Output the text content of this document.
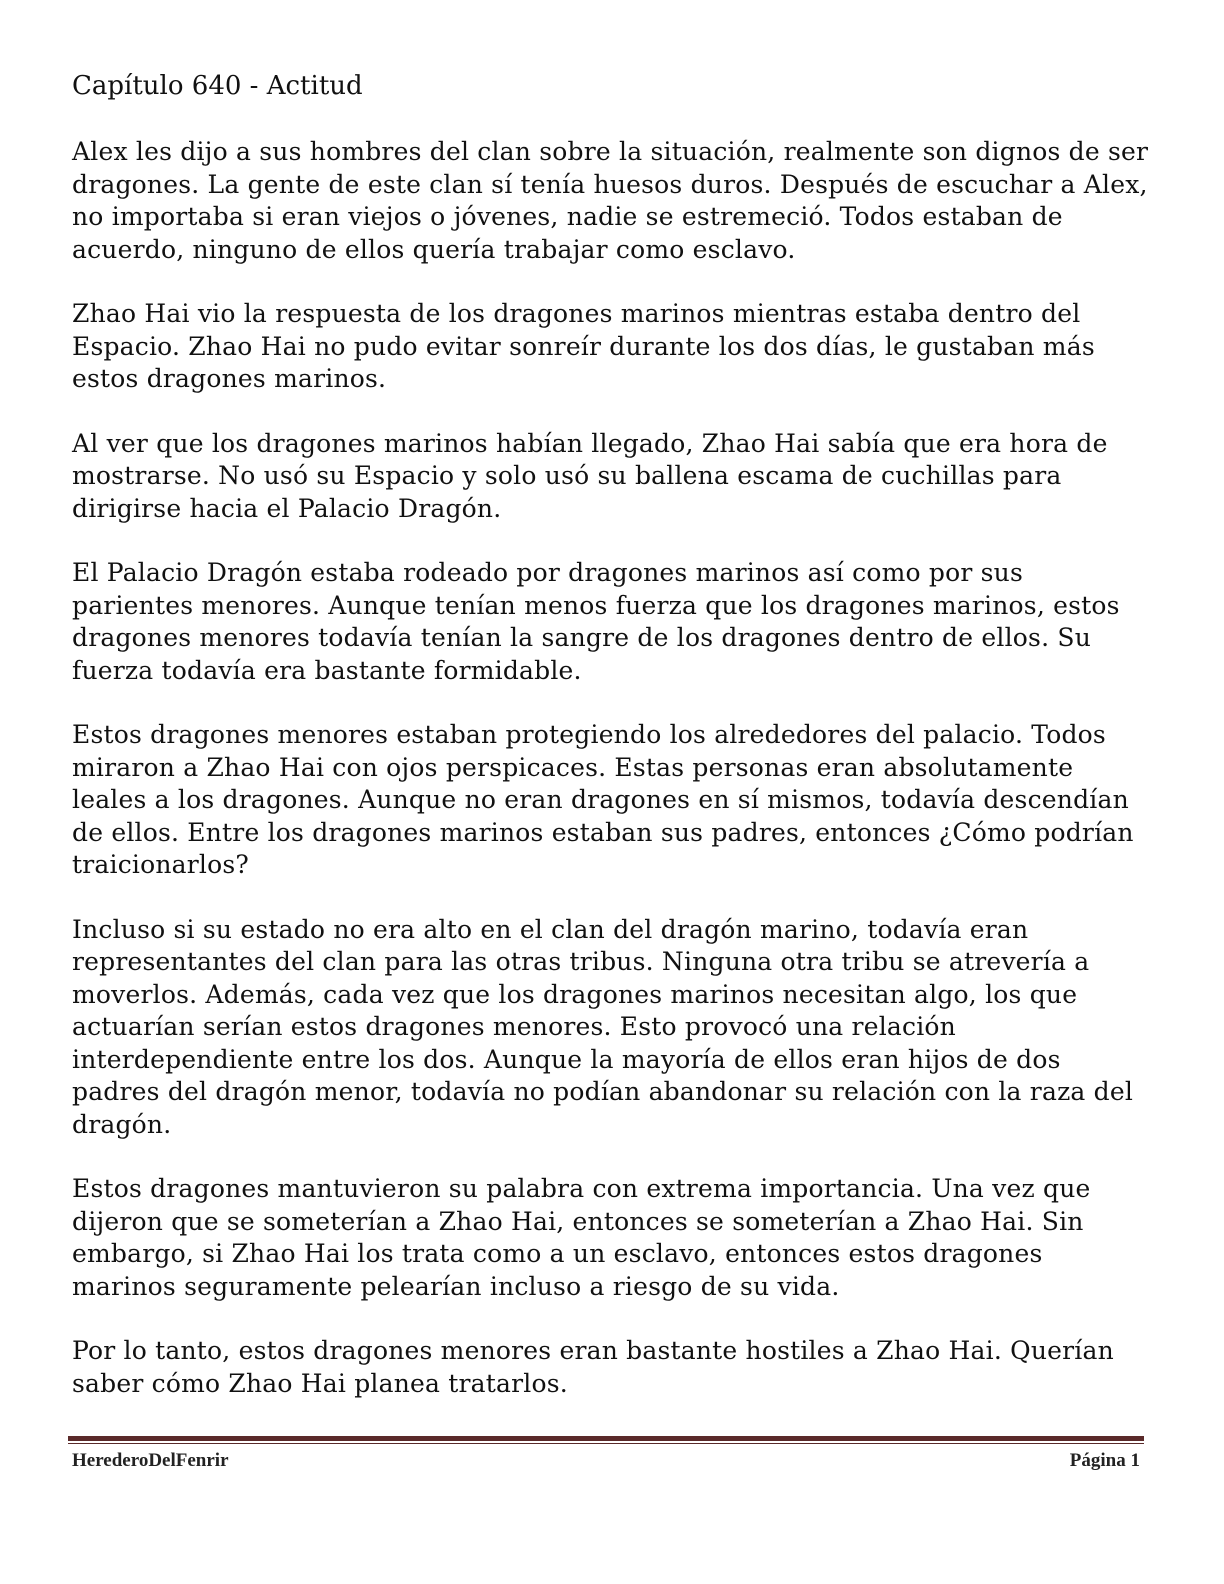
Capítulo 640 - Actitud

Alex les dijo a sus hombres del clan sobre la situación, realmente son dignos de ser dragones. La gente de este clan sí tenía huesos duros. Después de escuchar a Alex, no importaba si eran viejos o jóvenes, nadie se estremeció. Todos estaban de acuerdo, ninguno de ellos quería trabajar como esclavo.

Zhao Hai vio la respuesta de los dragones marinos mientras estaba dentro del Espacio. Zhao Hai no pudo evitar sonreír durante los dos días, le gustaban más estos dragones marinos.

Al ver que los dragones marinos habían llegado, Zhao Hai sabía que era hora de mostrarse. No usó su Espacio y solo usó su ballena escama de cuchillas para dirigirse hacia el Palacio Dragón.

El Palacio Dragón estaba rodeado por dragones marinos así como por sus parientes menores. Aunque tenían menos fuerza que los dragones marinos, estos dragones menores todavía tenían la sangre de los dragones dentro de ellos. Su fuerza todavía era bastante formidable.

Estos dragones menores estaban protegiendo los alrededores del palacio. Todos miraron a Zhao Hai con ojos perspicaces. Estas personas eran absolutamente leales a los dragones. Aunque no eran dragones en sí mismos, todavía descendían de ellos. Entre los dragones marinos estaban sus padres, entonces ¿Cómo podrían traicionarlos?

Incluso si su estado no era alto en el clan del dragón marino, todavía eran representantes del clan para las otras tribus. Ninguna otra tribu se atrevería a moverlos. Además, cada vez que los dragones marinos necesitan algo, los que actuarían serían estos dragones menores. Esto provocó una relación interdependiente entre los dos. Aunque la mayoría de ellos eran hijos de dos padres del dragón menor, todavía no podían abandonar su relación con la raza del dragón.

Estos dragones mantuvieron su palabra con extrema importancia. Una vez que dijeron que se someterían a Zhao Hai, entonces se someterían a Zhao Hai. Sin embargo, si Zhao Hai los trata como a un esclavo, entonces estos dragones marinos seguramente pelearían incluso a riesgo de su vida.

Por lo tanto, estos dragones menores eran bastante hostiles a Zhao Hai. Querían saber cómo Zhao Hai planea tratarlos.

HerederoDelFenrir	Página 1
